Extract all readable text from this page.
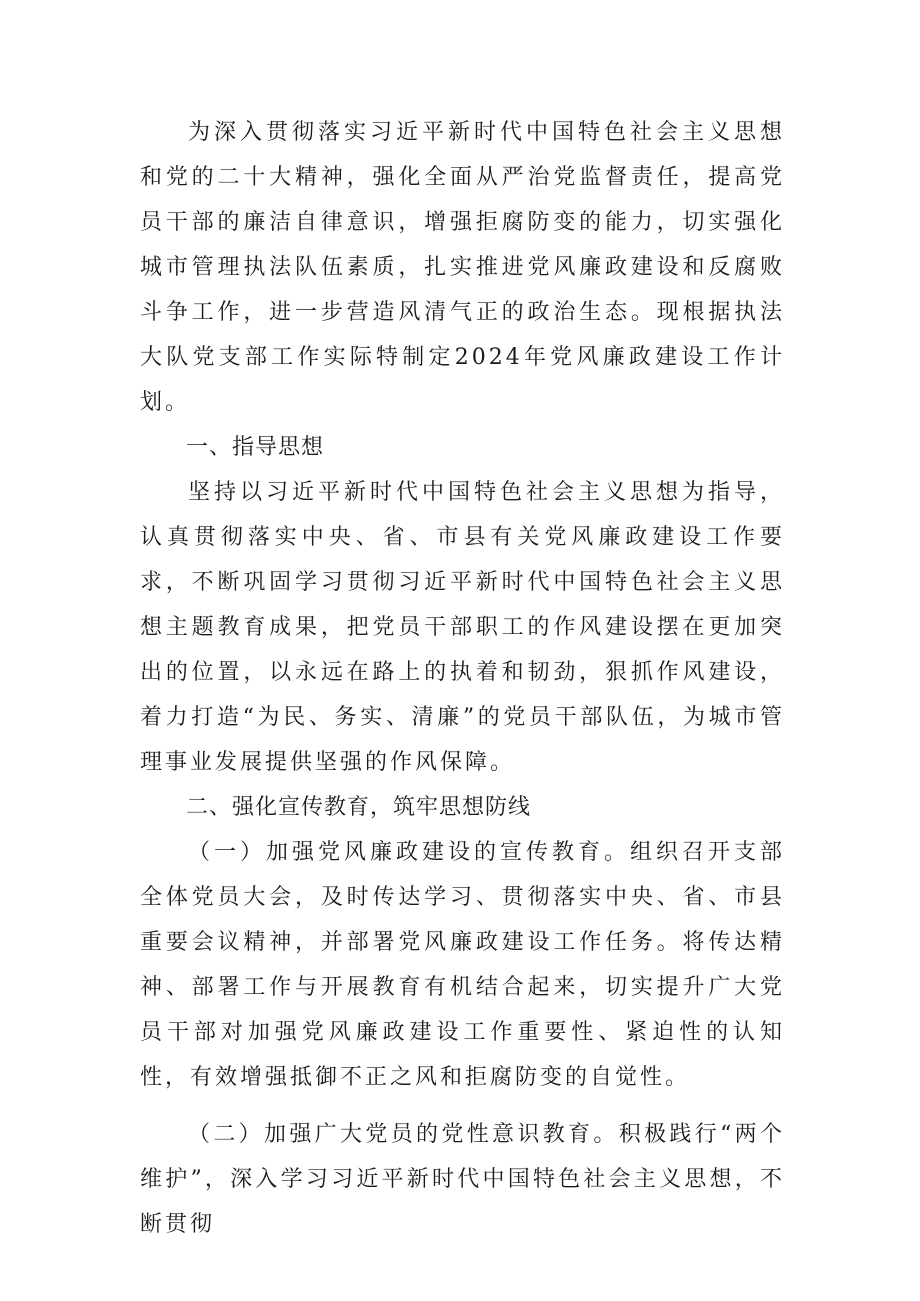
为深入贯彻落实习近平新时代中国特色社会主义思想和党的二十大精神，强化全面从严治党监督责任，提高党员干部的廉洁自律意识，增强拒腐防变的能力，切实强化城市管理执法队伍素质，扎实推进党风廉政建设和反腐败斗争工作，进一步营造风清气正的政治生态。现根据执法大队党支部工作实际特制定2024年党风廉政建设工作计划。

一、指导思想

坚持以习近平新时代中国特色社会主义思想为指导，认真贯彻落实中央、省、市县有关党风廉政建设工作要求，不断巩固学习贯彻习近平新时代中国特色社会主义思想主题教育成果，把党员干部职工的作风建设摆在更加突出的位置，以永远在路上的执着和韧劲，狠抓作风建设，着力打造“为民、务实、清廉”的党员干部队伍，为城市管理事业发展提供坚强的作风保障。

二、强化宣传教育，筑牢思想防线

（一）加强党风廉政建设的宣传教育。组织召开支部全体党员大会，及时传达学习、贯彻落实中央、省、市县重要会议精神，并部署党风廉政建设工作任务。将传达精神、部署工作与开展教育有机结合起来，切实提升广大党员干部对加强党风廉政建设工作重要性、紧迫性的认知性，有效增强抵御不正之风和拒腐防变的自觉性。

（二）加强广大党员的党性意识教育。积极践行“两个维护”，深入学习习近平新时代中国特色社会主义思想，不断贯彻
